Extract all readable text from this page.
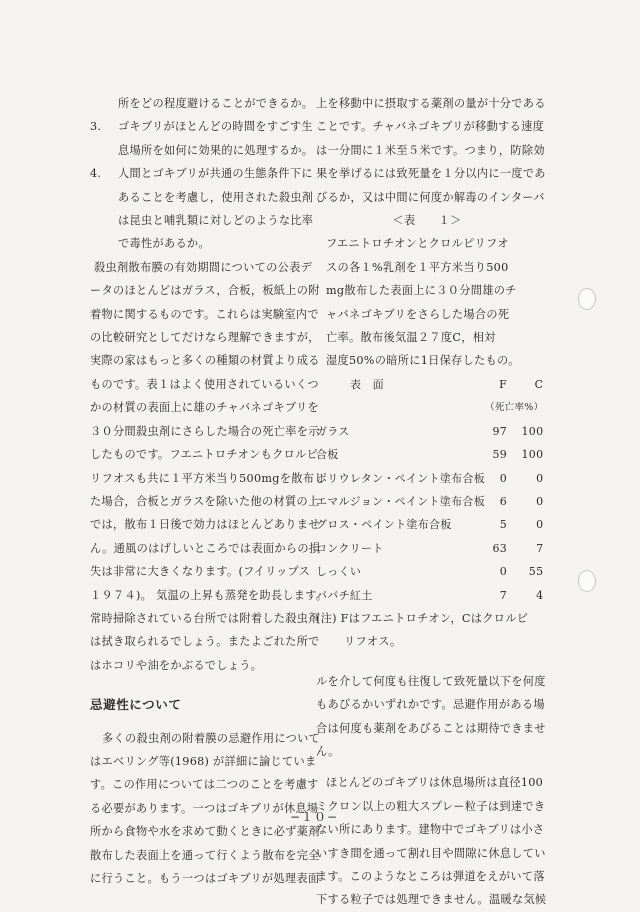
所をどの程度避けることができるか。

3. ゴキブリがほとんどの時間をすごす生

息場所を如何に効果的に処理するか。

4. 人間とゴキブリが共通の生態条件下に

あることを考慮し，使用された殺虫剤

は昆虫と哺乳類に対しどのような比率

で毒性があるか。

殺虫剤散布膜の有効期間についての公表デ

ータのほとんどはガラス，合板，板紙上の附

着物に関するものです。これらは実験室内で

の比較研究としてだけなら理解できますが，

実際の家はもっと多くの種類の材質より成る

ものです。表１はよく使用されているいくつ

かの材質の表面上に雄のチャバネゴキブリを

３０分間殺虫剤にさらした場合の死亡率を示

したものです。フエニトロチオンもクロルピ

リフオスも共に１平方米当り500mgを散布し

た場合，合板とガラスを除いた他の材質の上

では，散布１日後で効力はほとんどありませ

ん。通風のはげしいところでは表面からの損

失は非常に大きくなります。(フイリップス

１９７４)。 気温の上昇も蒸発を助長します。

常時掃除されている台所では附着した殺虫剤

は拭き取られるでしょう。またよごれた所で

はホコリや油をかぶるでしょう。

忌避性について

多くの殺虫剤の附着膜の忌避作用について

はエベリング等(1968) が詳細に論じていま

す。この作用については二つのことを考慮す

る必要があります。一つはゴキブリが休息場

所から食物や水を求めて動くときに必ず薬剤

散布した表面上を通って行くよう散布を完全

に行うこと。もう一つはゴキブリが処理表面

上を移動中に摂取する薬剤の量が十分である

ことです。チャバネゴキブリが移動する速度

は一分間に１米至５米です。つまり，防除効

果を挙げるには致死量を１分以内に一度であ

びるか，又は中間に何度か解毒のインターバ

＜表　　１＞

フエニトロチオンとクロルピリフオ

スの各１%乳剤を１平方米当り500

mg散布した表面上に３０分間雄のチ

ャバネゴキブリをさらした場合の死

亡率。散布後気温２７度C，相対

湿度50%の暗所に1日保存したもの。

表　面	F	C
	（死亡率%）	
ガラス	97	100
合板	59	100
ポリウレタン・ペイント塗布合板	0	0
エマルジョン・ペイント塗布合板	6	0
グロス・ペイント塗布合板	5	0
コンクリート	63	7
しっくい	0	55
ババチ紅土	7	4

(注) Fはフエニトロチオン，Cはクロルピ

リフオス。

ルを介して何度も往復して致死量以下を何度

もあびるかいずれかです。忌避作用がある場

合は何度も薬剤をあびることは期待できませ

ん。

ほとんどのゴキブリは休息場所は直径100

ミクロン以上の粗大スプレー粒子は到達でき

ない所にあります。建物中でゴキブリは小さ

いすき間を通って割れ目や間隙に休息してい

ます。このようなところは弾道をえがいて落

下する粒子では処理できません。温暖な気候

−１０−
